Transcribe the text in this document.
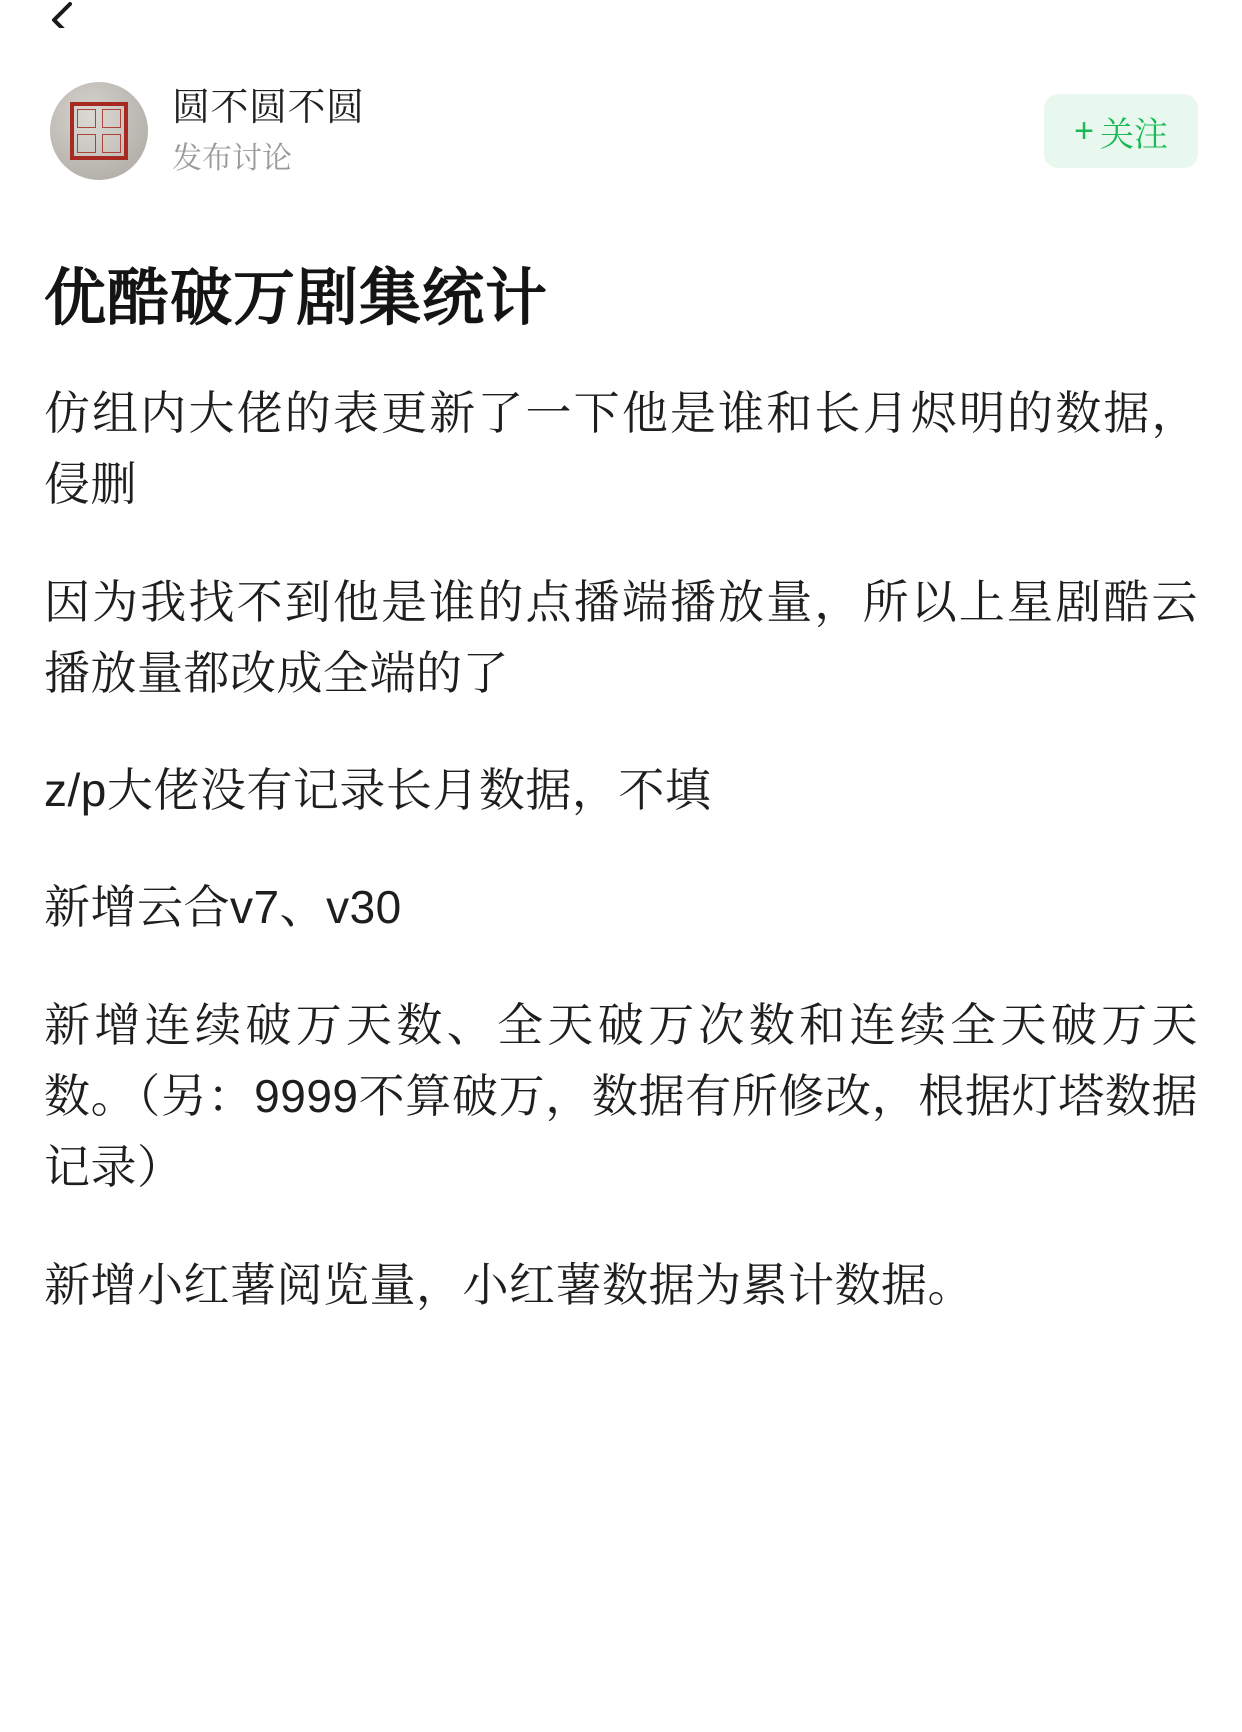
圆不圆不圆
发布讨论
+ 关注
优酷破万剧集统计

仿组内大佬的表更新了一下他是谁和长月烬明的数据，侵删

因为我找不到他是谁的点播端播放量，所以上星剧酷云播放量都改成全端的了

z/p大佬没有记录长月数据，不填

新增云合v7、v30

新增连续破万天数、全天破万次数和连续全天破万天数。（另：9999不算破万，数据有所修改，根据灯塔数据记录）

新增小红薯阅览量，小红薯数据为累计数据。
